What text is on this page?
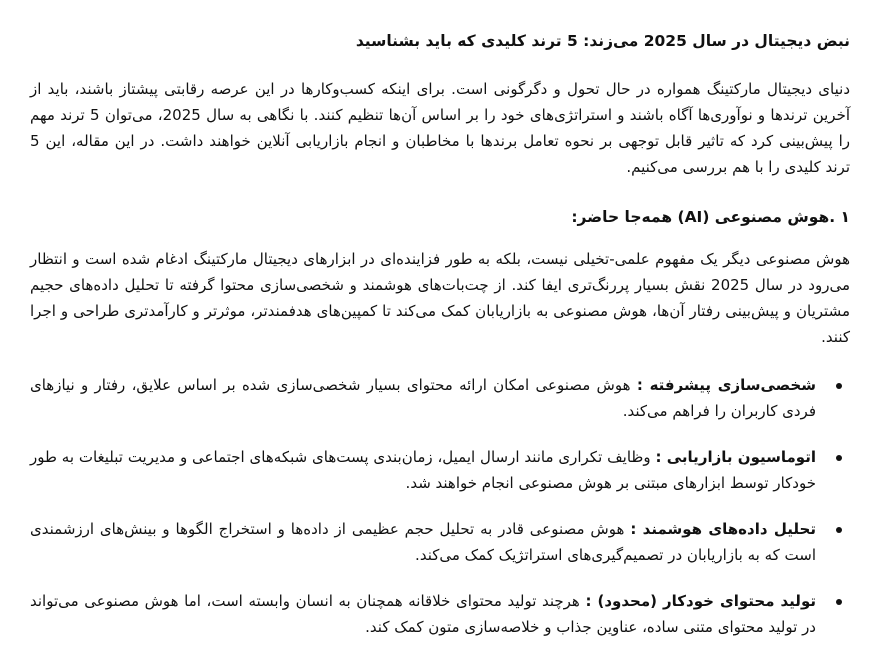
نبض دیجیتال در سال 2025 می‌زند: 5 ترند کلیدی که باید بشناسید

دنیای دیجیتال مارکتینگ همواره در حال تحول و دگرگونی است. برای اینکه کسب‌وکارها در این عرصه رقابتی پیشتاز باشند، باید از آخرین ترندها و نوآوری‌ها آگاه باشند و استراتژی‌های خود را بر اساس آن‌ها تنظیم کنند. با نگاهی به سال 2025، می‌توان 5 ترند مهم را پیش‌بینی کرد که تاثیر قابل توجهی بر نحوه تعامل برندها با مخاطبان و انجام بازاریابی آنلاین خواهند داشت. در این مقاله، این 5 ترند کلیدی را با هم بررسی می‌کنیم.

۱ .هوش مصنوعی (AI) همه‌جا حاضر:

هوش مصنوعی دیگر یک مفهوم علمی-تخیلی نیست، بلکه به طور فزاینده‌ای در ابزارهای دیجیتال مارکتینگ ادغام شده است و انتظار می‌رود در سال 2025 نقش بسیار پررنگ‌تری ایفا کند. از چت‌بات‌های هوشمند و شخصی‌سازی محتوا گرفته تا تحلیل داده‌های حجیم مشتریان و پیش‌بینی رفتار آن‌ها، هوش مصنوعی به بازاریابان کمک می‌کند تا کمپین‌های هدفمندتر، موثرتر و کارآمدتری طراحی و اجرا کنند.

شخصی‌سازی پیشرفته : هوش مصنوعی امکان ارائه محتوای بسیار شخصی‌سازی شده بر اساس علایق، رفتار و نیازهای فردی کاربران را فراهم می‌کند.
اتوماسیون بازاریابی : وظایف تکراری مانند ارسال ایمیل، زمان‌بندی پست‌های شبکه‌های اجتماعی و مدیریت تبلیغات به طور خودکار توسط ابزارهای مبتنی بر هوش مصنوعی انجام خواهند شد.
تحلیل داده‌های هوشمند : هوش مصنوعی قادر به تحلیل حجم عظیمی از داده‌ها و استخراج الگوها و بینش‌های ارزشمندی است که به بازاریابان در تصمیم‌گیری‌های استراتژیک کمک می‌کند.
تولید محتوای خودکار (محدود) : هرچند تولید محتوای خلاقانه همچنان به انسان وابسته است، اما هوش مصنوعی می‌تواند در تولید محتوای متنی ساده، عناوین جذاب و خلاصه‌سازی متون کمک کند.
